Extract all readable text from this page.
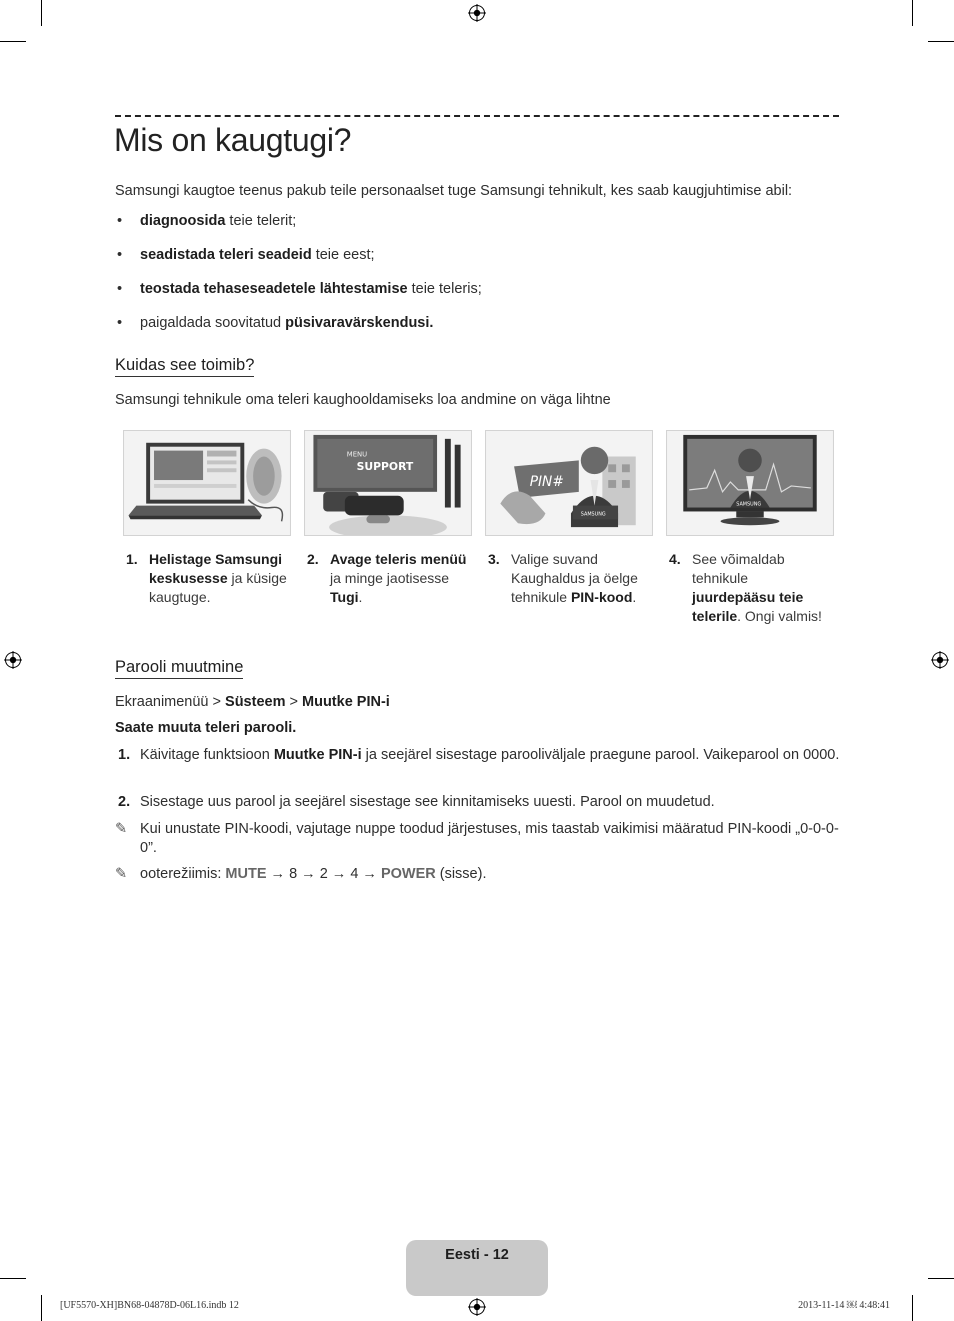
Mis on kaugtugi?
Samsungi kaugtoe teenus pakub teile personaalset tuge Samsungi tehnikult, kes saab kaugjuhtimise abil:
• diagnoosida teie telerit;
• seadistada teleri seadeid teie eest;
• teostada tehaseseadetele lähtestamise teie teleris;
• paigaldada soovitatud püsivaravärskendusi.
Kuidas see toimib?
Samsungi tehnikule oma teleri kaughooldamiseks loa andmine on väga lihtne
MENU
SUPPORT
SAMSUNG
PIN#
SAMSUNG
1. Helistage Samsungi keskusesse ja küsige kaugtuge.
2. Avage teleris menüü ja minge jaotisesse Tugi.
3. Valige suvand Kaughaldus ja öelge tehnikule PIN-kood.
4. See võimaldab tehnikule juurdepääsu teie telerile. Ongi valmis!
Parooli muutmine
Ekraanimenüü > Süsteem > Muutke PIN-i
Saate muuta teleri parooli.
1. Käivitage funktsioon Muutke PIN-i ja seejärel sisestage parooliväljale praegune parool. Vaikeparool on 0000.
2. Sisestage uus parool ja seejärel sisestage see kinnitamiseks uuesti. Parool on muudetud.
✎ Kui unustate PIN-koodi, vajutage nuppe toodud järjestuses, mis taastab vaikimisi määratud PIN-koodi „0-0-0-0”.
✎ ooterežiimis: MUTE → 8 → 2 → 4 → POWER (sisse).
Eesti - 12
[UF5570-XH]BN68-04878D-06L16.indb 12	2013-11-14 ￼ 4:48:41
